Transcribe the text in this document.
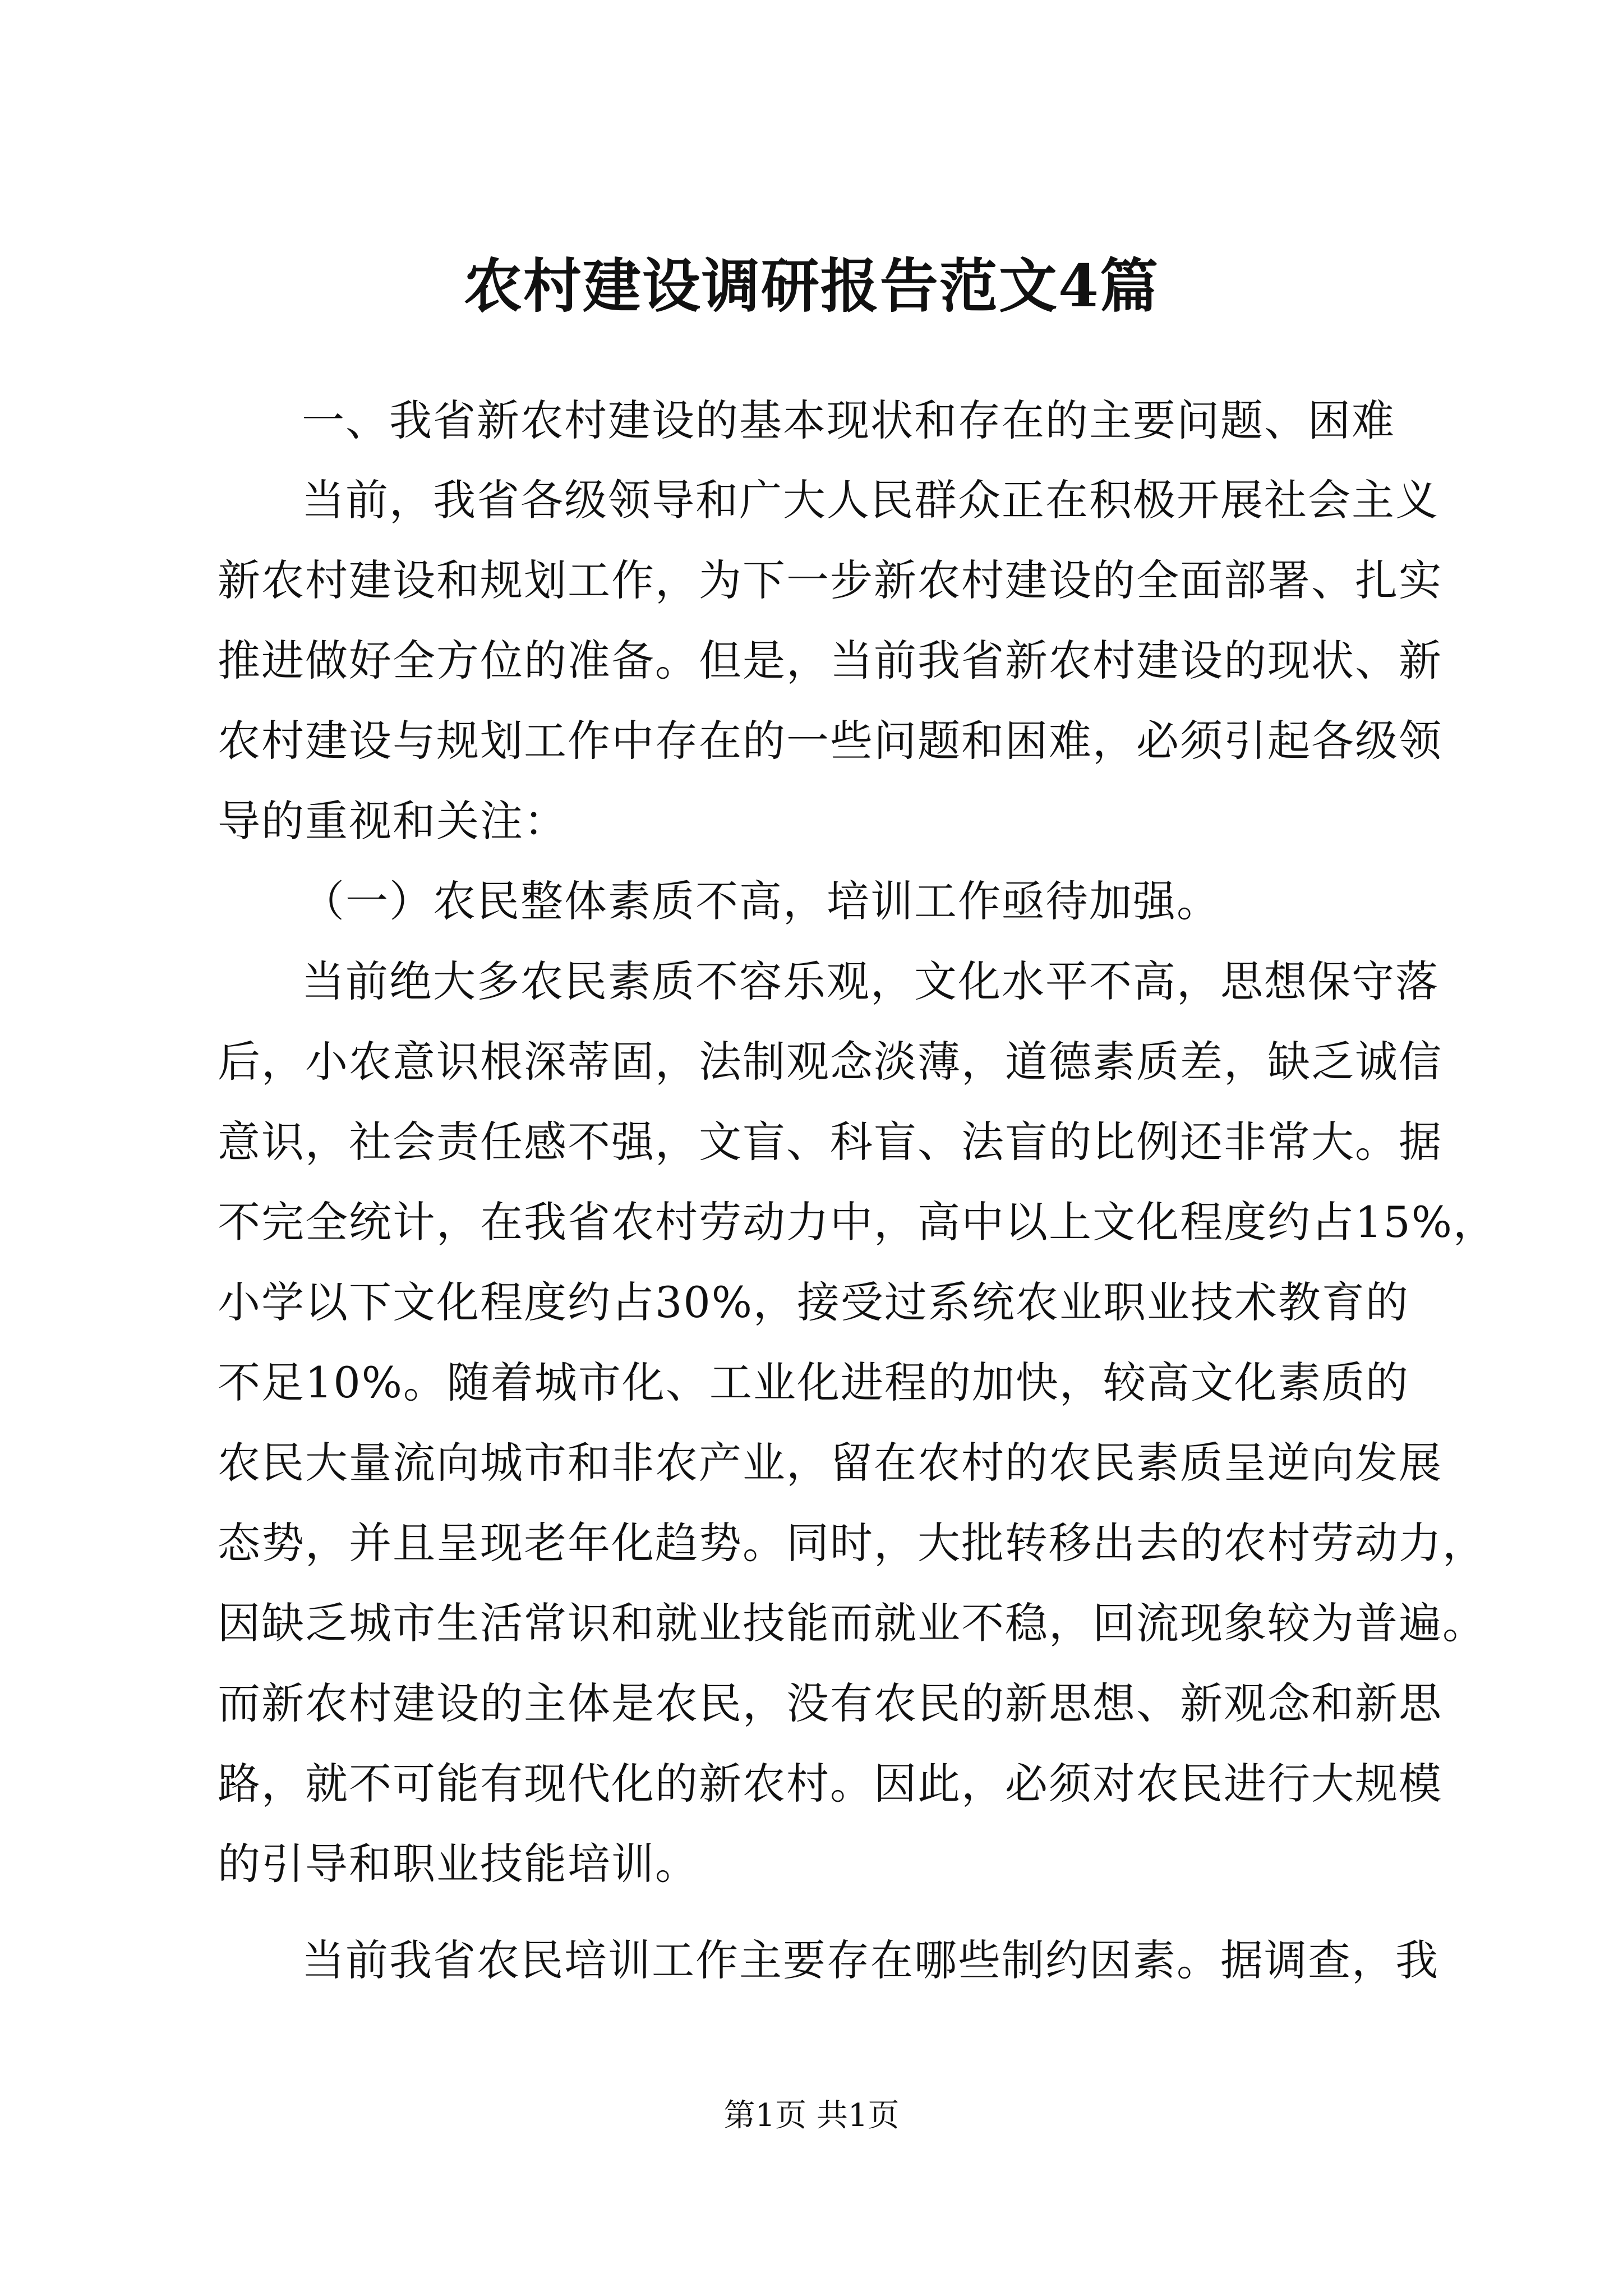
农村建设调研报告范文4篇
一、我省新农村建设的基本现状和存在的主要问题、困难
当前，我省各级领导和广大人民群众正在积极开展社会主义
新农村建设和规划工作，为下一步新农村建设的全面部署、扎实
推进做好全方位的准备。但是，当前我省新农村建设的现状、新
农村建设与规划工作中存在的一些问题和困难，必须引起各级领
导的重视和关注：
（一）农民整体素质不高，培训工作亟待加强。
当前绝大多农民素质不容乐观，文化水平不高，思想保守落
后，小农意识根深蒂固，法制观念淡薄，道德素质差，缺乏诚信
意识，社会责任感不强，文盲、科盲、法盲的比例还非常大。据
不完全统计，在我省农村劳动力中，高中以上文化程度约占15%，
小学以下文化程度约占30%，接受过系统农业职业技术教育的
不足10%。随着城市化、工业化进程的加快，较高文化素质的
农民大量流向城市和非农产业，留在农村的农民素质呈逆向发展
态势，并且呈现老年化趋势。同时，大批转移出去的农村劳动力，
因缺乏城市生活常识和就业技能而就业不稳，回流现象较为普遍。
而新农村建设的主体是农民，没有农民的新思想、新观念和新思
路，就不可能有现代化的新农村。因此，必须对农民进行大规模
的引导和职业技能培训。
当前我省农民培训工作主要存在哪些制约因素。据调查，我
第1页 共1页
